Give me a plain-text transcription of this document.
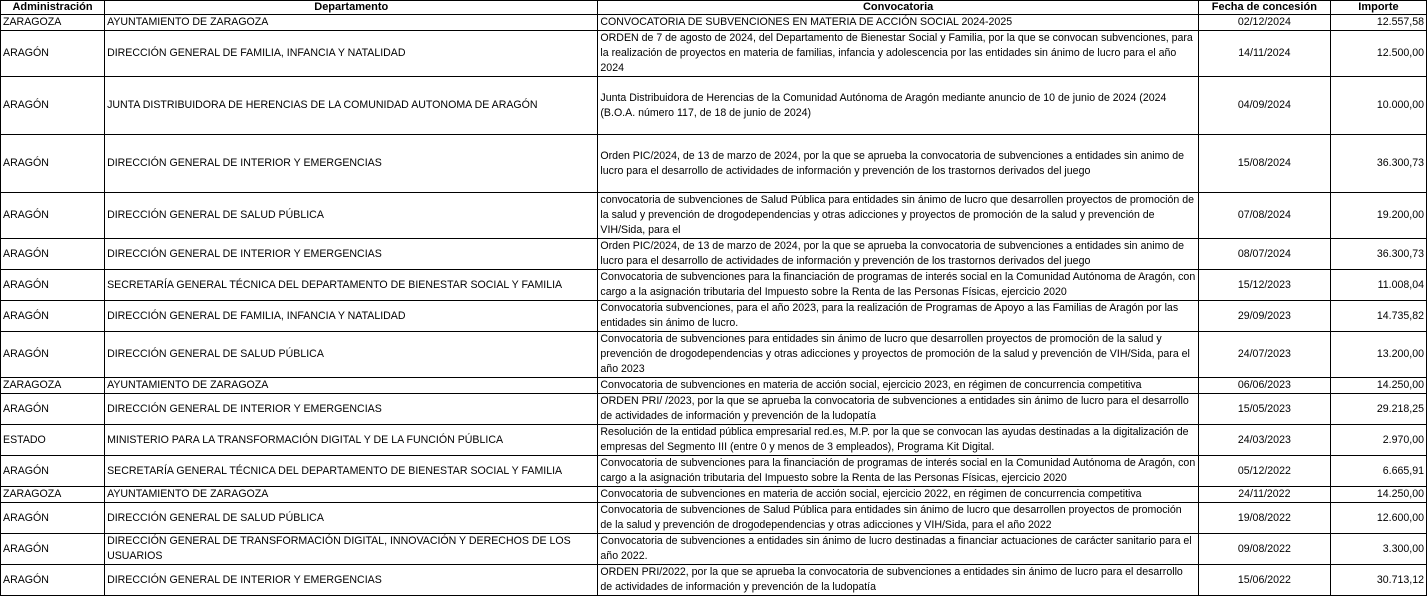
Administración	Departamento	Convocatoria	Fecha de concesión	Importe
ZARAGOZA	AYUNTAMIENTO DE ZARAGOZA	CONVOCATORIA DE SUBVENCIONES EN MATERIA DE ACCIÓN SOCIAL 2024-2025	02/12/2024	12.557,58
ARAGÓN	DIRECCIÓN GENERAL DE FAMILIA, INFANCIA Y NATALIDAD	ORDEN de 7 de agosto de 2024, del Departamento de Bienestar Social y Familia, por la que se convocan subvenciones, para la realización de proyectos en materia de familias, infancia y adolescencia por las entidades sin ánimo de lucro para el año 2024	14/11/2024	12.500,00
ARAGÓN	JUNTA DISTRIBUIDORA DE HERENCIAS DE LA COMUNIDAD AUTONOMA DE ARAGÓN	Junta Distribuidora de Herencias de la Comunidad Autónoma de Aragón mediante anuncio de 10 de junio de 2024 (2024 (B.O.A. número 117, de 18 de junio de 2024)	04/09/2024	10.000,00
ARAGÓN	DIRECCIÓN GENERAL DE INTERIOR Y EMERGENCIAS	Orden PIC/2024, de 13 de marzo de 2024, por la que se aprueba la convocatoria de subvenciones a entidades sin animo de lucro para el desarrollo de actividades de información y prevención de los trastornos derivados del juego	15/08/2024	36.300,73
ARAGÓN	DIRECCIÓN GENERAL DE SALUD PÚBLICA	convocatoria de subvenciones de Salud Pública para entidades sin ánimo de lucro que desarrollen proyectos de promoción de la salud y prevención de drogodependencias y otras adicciones y proyectos de promoción de la salud y prevención de VIH/Sida, para el	07/08/2024	19.200,00
ARAGÓN	DIRECCIÓN GENERAL DE INTERIOR Y EMERGENCIAS	Orden PIC/2024, de 13 de marzo de 2024, por la que se aprueba la convocatoria de subvenciones a entidades sin animo de lucro para el desarrollo de actividades de información y prevención de los trastornos derivados del juego	08/07/2024	36.300,73
ARAGÓN	SECRETARÍA GENERAL TÉCNICA DEL DEPARTAMENTO DE BIENESTAR SOCIAL Y FAMILIA	Convocatoria de subvenciones para la financiación de programas de interés social en la Comunidad Autónoma de Aragón, con cargo a la asignación tributaria del Impuesto sobre la Renta de las Personas Físicas, ejercicio 2020	15/12/2023	11.008,04
ARAGÓN	DIRECCIÓN GENERAL DE FAMILIA, INFANCIA Y NATALIDAD	Convocatoria subvenciones, para el año 2023, para la realización de Programas de Apoyo a las Familias de Aragón por las entidades sin ánimo de lucro.	29/09/2023	14.735,82
ARAGÓN	DIRECCIÓN GENERAL DE SALUD PÚBLICA	Convocatoria de subvenciones para entidades sin ánimo de lucro que desarrollen proyectos de promoción de la salud y prevención de drogodependencias y otras adicciones y proyectos de promoción de la salud y prevención de VIH/Sida, para el año 2023	24/07/2023	13.200,00
ZARAGOZA	AYUNTAMIENTO DE ZARAGOZA	Convocatoria de subvenciones en materia de acción social, ejercicio 2023, en régimen de concurrencia competitiva	06/06/2023	14.250,00
ARAGÓN	DIRECCIÓN GENERAL DE INTERIOR Y EMERGENCIAS	ORDEN PRI/ /2023, por la que se aprueba la convocatoria de subvenciones a entidades sin ánimo de lucro para el desarrollo de actividades de información y prevención de la ludopatía	15/05/2023	29.218,25
ESTADO	MINISTERIO PARA LA TRANSFORMACIÓN DIGITAL Y DE LA FUNCIÓN PÚBLICA	Resolución de la entidad pública empresarial red.es, M.P. por la que se convocan las ayudas destinadas a la digitalización de empresas del Segmento III (entre 0 y menos de 3 empleados), Programa Kit Digital.	24/03/2023	2.970,00
ARAGÓN	SECRETARÍA GENERAL TÉCNICA DEL DEPARTAMENTO DE BIENESTAR SOCIAL Y FAMILIA	Convocatoria de subvenciones para la financiación de programas de interés social en la Comunidad Autónoma de Aragón, con cargo a la asignación tributaria del Impuesto sobre la Renta de las Personas Físicas, ejercicio 2020	05/12/2022	6.665,91
ZARAGOZA	AYUNTAMIENTO DE ZARAGOZA	Convocatoria de subvenciones en materia de acción social, ejercicio 2022, en régimen de concurrencia competitiva	24/11/2022	14.250,00
ARAGÓN	DIRECCIÓN GENERAL DE SALUD PÚBLICA	Convocatoria de subvenciones de Salud Pública para entidades sin ánimo de lucro que desarrollen proyectos de promoción de la salud y prevención de drogodependencias y otras adicciones y VIH/Sida, para el año 2022	19/08/2022	12.600,00
ARAGÓN	DIRECCIÓN GENERAL DE TRANSFORMACIÓN DIGITAL, INNOVACIÓN Y DERECHOS DE LOS USUARIOS	Convocatoria de subvenciones a entidades sin ánimo de lucro destinadas a financiar actuaciones de carácter sanitario para el año 2022.	09/08/2022	3.300,00
ARAGÓN	DIRECCIÓN GENERAL DE INTERIOR Y EMERGENCIAS	ORDEN PRI/2022, por la que se aprueba la convocatoria de subvenciones a entidades sin ánimo de lucro para el desarrollo de actividades de información y prevención de la ludopatía	15/06/2022	30.713,12
